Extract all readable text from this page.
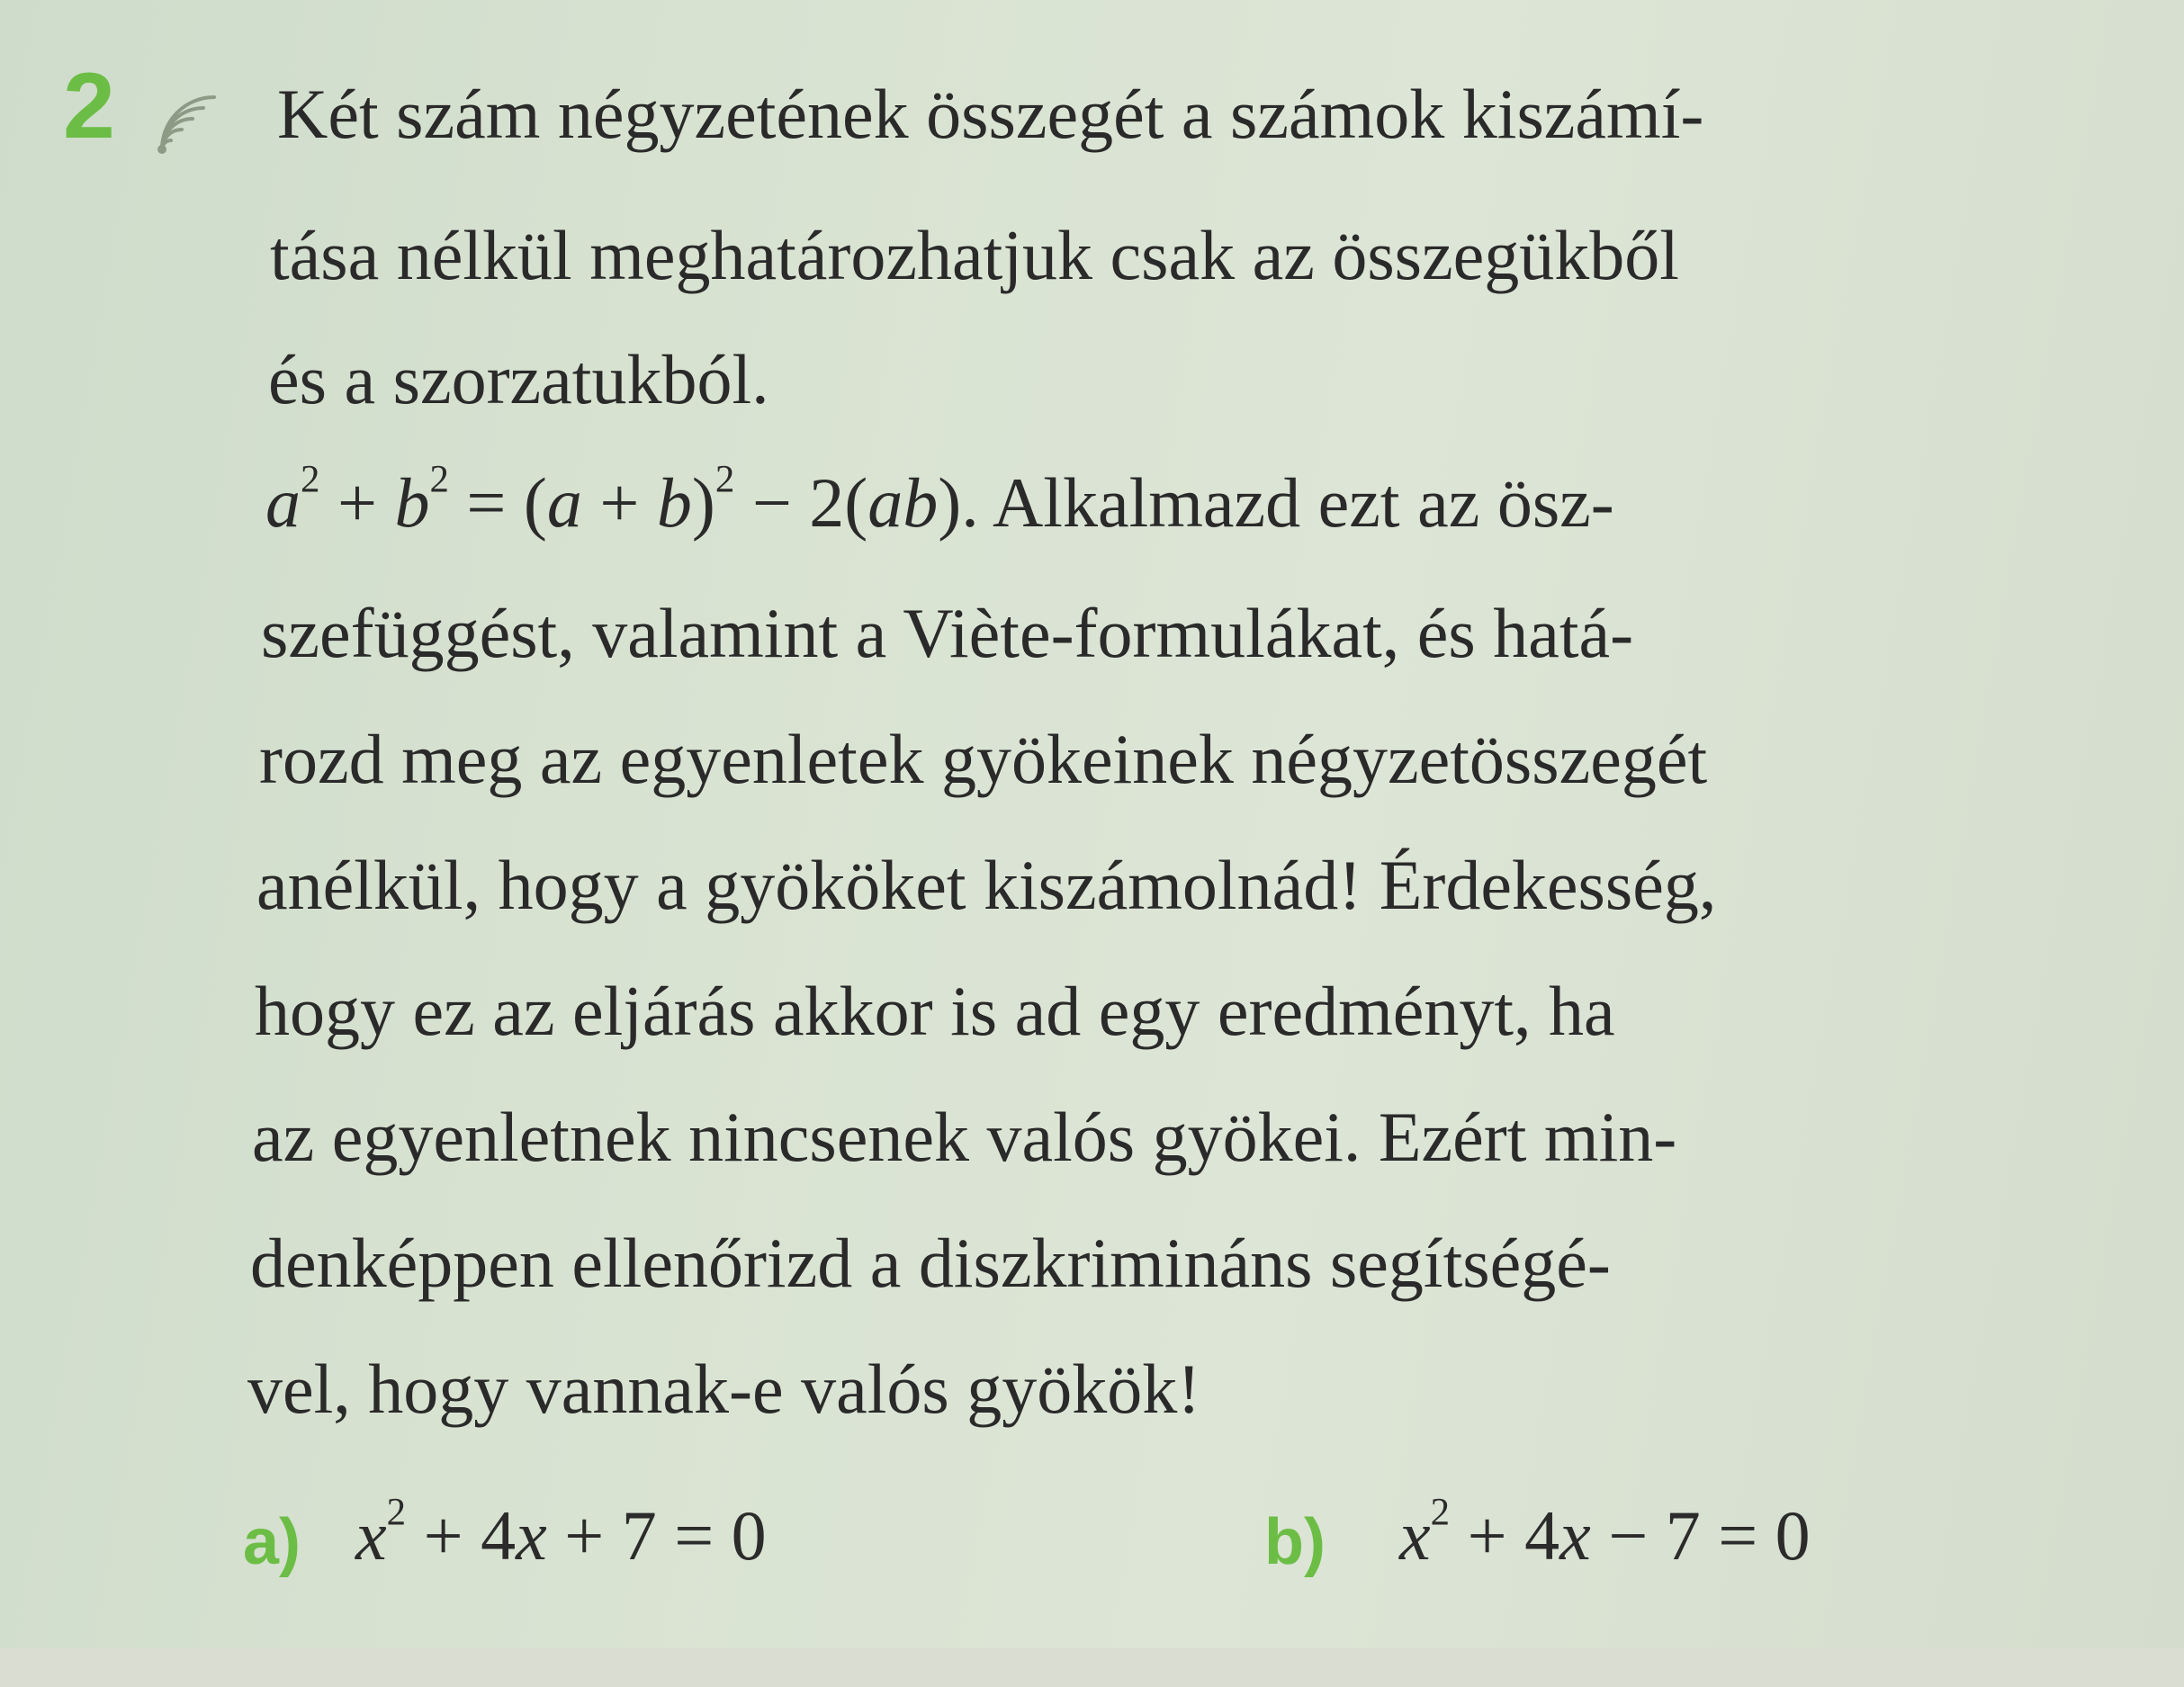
2 Két szám négyzetének összegét a számok kiszámí-
tása nélkül meghatározhatjuk csak az összegükből
és a szorzatukból.
$a^2 + b^2 = (a + b)^2 - 2(ab)$. Alkalmazd ezt az ösz-
szefüggést, valamint a Viète-formulákat, és hatá-
rozd meg az egyenletek gyökeinek négyzetösszegét
anélkül, hogy a gyököket kiszámolnád! Érdekesség,
hogy ez az eljárás akkor is ad egy eredményt, ha
az egyenletnek nincsenek valós gyökei. Ezért min-
denképpen ellenőrizd a diszkrimináns segítségé-
vel, hogy vannak-e valós gyökök!
a) $x^2 + 4x + 7 = 0$	b) $x^2 + 4x - 7 = 0$
